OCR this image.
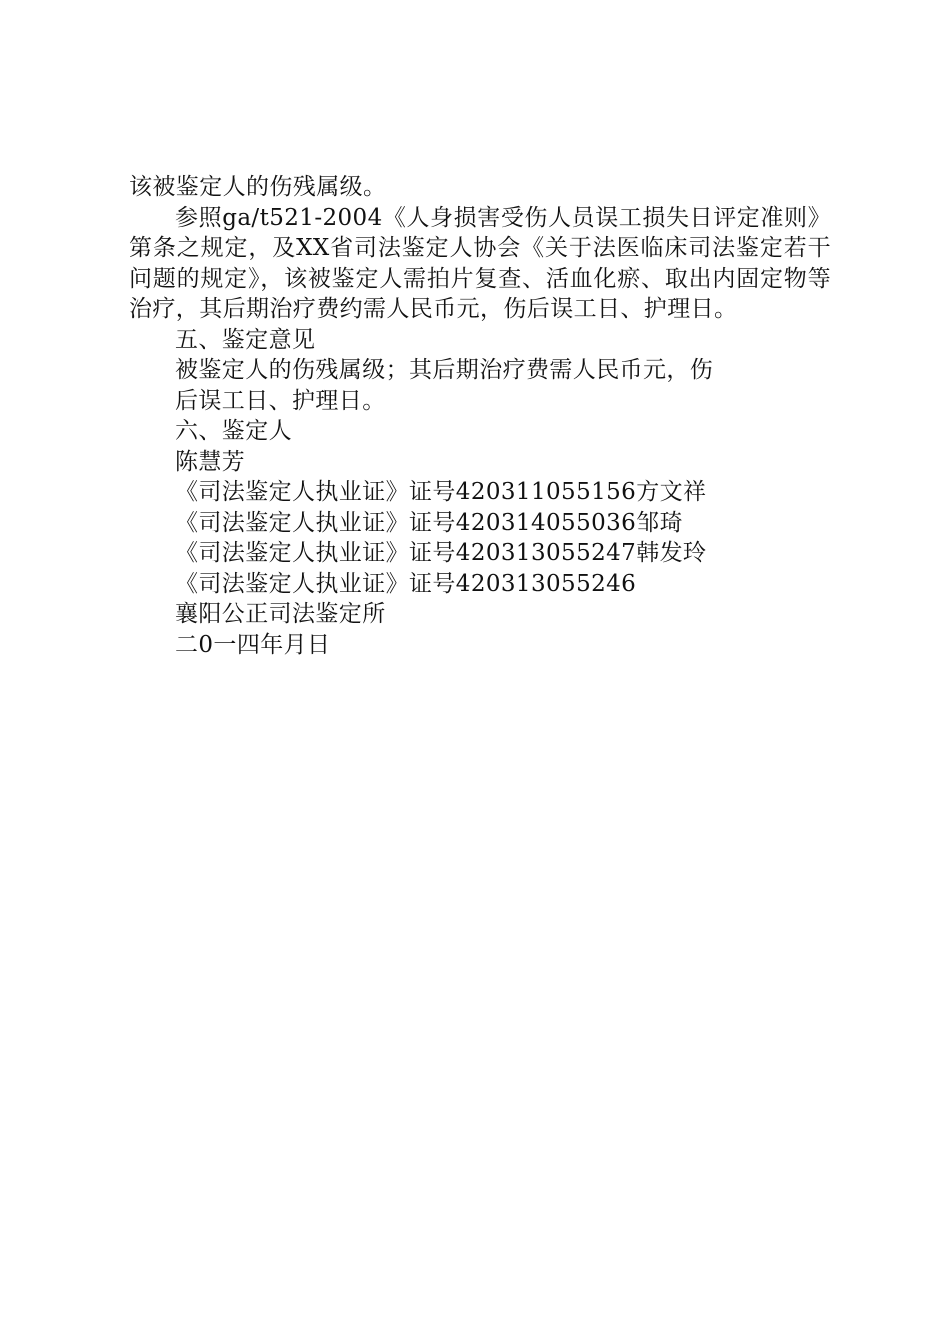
该被鉴定人的伤残属级。

参照ga/t521-2004《人身损害受伤人员误工损失日评定准则》第条之规定，及XX省司法鉴定人协会《关于法医临床司法鉴定若干问题的规定》，该被鉴定人需拍片复查、活血化瘀、取出内固定物等治疗，其后期治疗费约需人民币元，伤后误工日、护理日。

五、鉴定意见

被鉴定人的伤残属级；其后期治疗费需人民币元，伤

后误工日、护理日。

六、鉴定人

陈慧芳

《司法鉴定人执业证》证号420311055156方文祥

《司法鉴定人执业证》证号420314055036邹琦

《司法鉴定人执业证》证号420313055247韩发玲

《司法鉴定人执业证》证号420313055246

襄阳公正司法鉴定所

二0一四年月日
